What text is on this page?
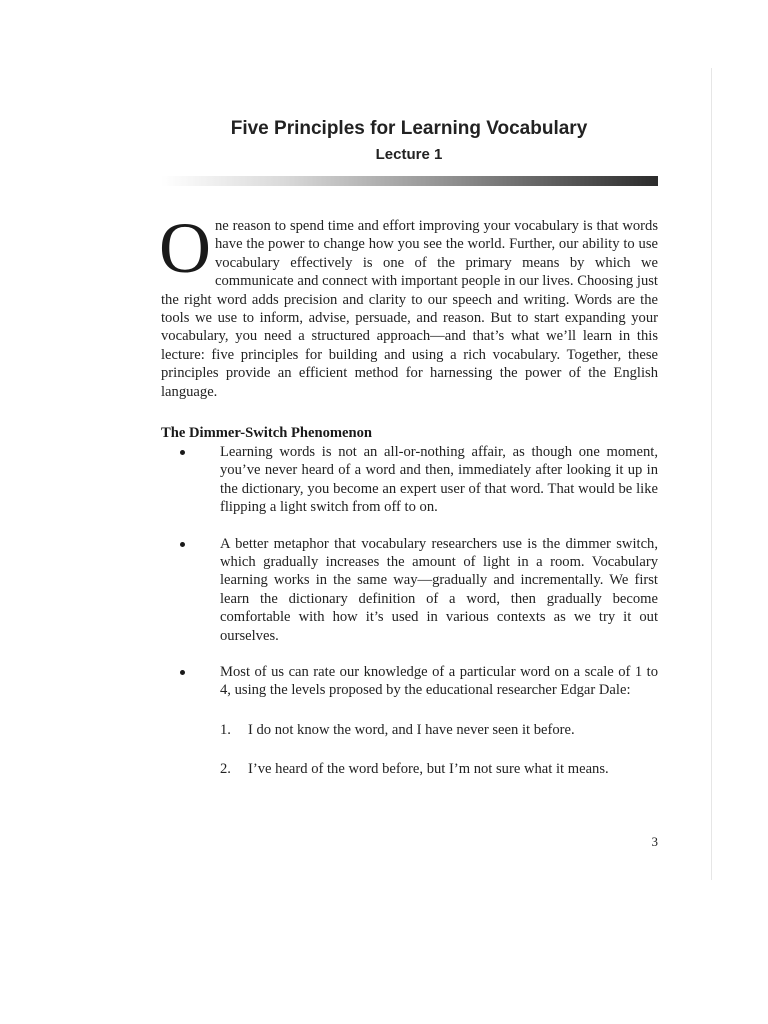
Five Principles for Learning Vocabulary
Lecture 1

One reason to spend time and effort improving your vocabulary is that words have the power to change how you see the world. Further, our ability to use vocabulary effectively is one of the primary means by which we communicate and connect with important people in our lives. Choosing just the right word adds precision and clarity to our speech and writing. Words are the tools we use to inform, advise, persuade, and reason. But to start expanding your vocabulary, you need a structured approach—and that’s what we’ll learn in this lecture: five principles for building and using a rich vocabulary. Together, these principles provide an efficient method for harnessing the power of the English language.

The Dimmer-Switch Phenomenon
Learning words is not an all-or-nothing affair, as though one moment, you’ve never heard of a word and then, immediately after looking it up in the dictionary, you become an expert user of that word. That would be like flipping a light switch from off to on.
A better metaphor that vocabulary researchers use is the dimmer switch, which gradually increases the amount of light in a room. Vocabulary learning works in the same way—gradually and incrementally. We first learn the dictionary definition of a word, then gradually become comfortable with how it’s used in various contexts as we try it out ourselves.
Most of us can rate our knowledge of a particular word on a scale of 1 to 4, using the levels proposed by the educational researcher Edgar Dale:
1. I do not know the word, and I have never seen it before.
2. I’ve heard of the word before, but I’m not sure what it means.
3
